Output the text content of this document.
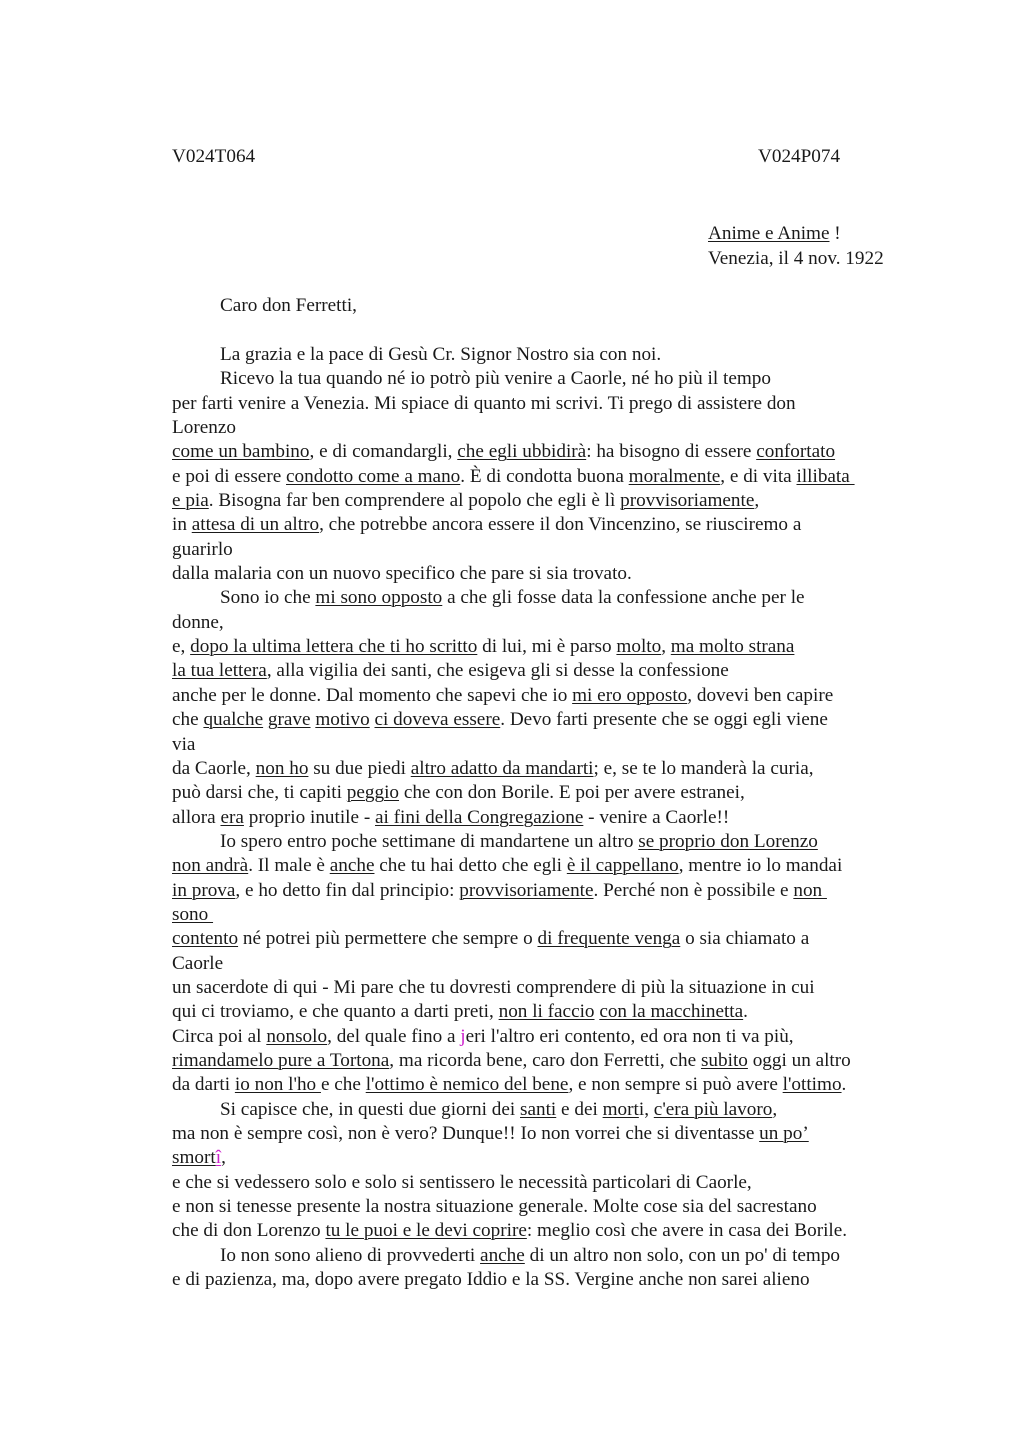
V024T064	V024P074
Anime e Anime !
Venezia, il 4 nov. 1922
Caro don Ferretti,
La grazia e la pace di Gesù Cr. Signor Nostro sia con noi.
Ricevo la tua quando né io potrò più venire a Caorle, né ho più il tempo
per farti venire a Venezia. Mi spiace di quanto mi scrivi. Ti prego di assistere don
Lorenzo
come un bambino, e di comandargli, che egli ubbidirà: ha bisogno di essere confortato
e poi di essere condotto come a mano. È di condotta buona moralmente, e di vita illibata
e pia. Bisogna far ben comprendere al popolo che egli è lì provvisoriamente,
in attesa di un altro, che potrebbe ancora essere il don Vincenzino, se riusciremo a
guarirlo
dalla malaria con un nuovo specifico che pare si sia trovato.
Sono io che mi sono opposto a che gli fosse data la confessione anche per le
donne,
e, dopo la ultima lettera che ti ho scritto di lui, mi è parso molto, ma molto strana
la tua lettera, alla vigilia dei santi, che esigeva gli si desse la confessione
anche per le donne. Dal momento che sapevi che io mi ero opposto, dovevi ben capire
che qualche grave motivo ci doveva essere. Devo farti presente che se oggi egli viene
via
da Caorle, non ho su due piedi altro adatto da mandarti; e, se te lo manderà la curia,
può darsi che, ti capiti peggio che con don Borile. E poi per avere estranei,
allora era proprio inutile - ai fini della Congregazione - venire a Caorle!!
Io spero entro poche settimane di mandartene un altro se proprio don Lorenzo
non andrà. Il male è anche che tu hai detto che egli è il cappellano, mentre io lo mandai
in prova, e ho detto fin dal principio: provvisoriamente. Perché non è possibile e non
sono
contento né potrei più permettere che sempre o di frequente venga o sia chiamato a
Caorle
un sacerdote di qui - Mi pare che tu dovresti comprendere di più la situazione in cui
qui ci troviamo, e che quanto a darti preti, non li faccio con la macchinetta.
Circa poi al nonsolo, del quale fino a jeri l'altro eri contento, ed ora non ti va più,
rimandamelo pure a Tortona, ma ricorda bene, caro don Ferretti, che subito oggi un altro
da darti io non l'ho e che l'ottimo è nemico del bene, e non sempre si può avere l'ottimo.
Si capisce che, in questi due giorni dei santi e dei morti, c'era più lavoro,
ma non è sempre così, non è vero? Dunque!! Io non vorrei che si diventasse un po’
smortî,
e che si vedessero solo e solo si sentissero le necessità particolari di Caorle,
e non si tenesse presente la nostra situazione generale. Molte cose sia del sacrestano
che di don Lorenzo tu le puoi e le devi coprire: meglio così che avere in casa dei Borile.
Io non sono alieno di provvederti anche di un altro non solo, con un po' di tempo
e di pazienza, ma, dopo avere pregato Iddio e la SS. Vergine anche non sarei alieno
